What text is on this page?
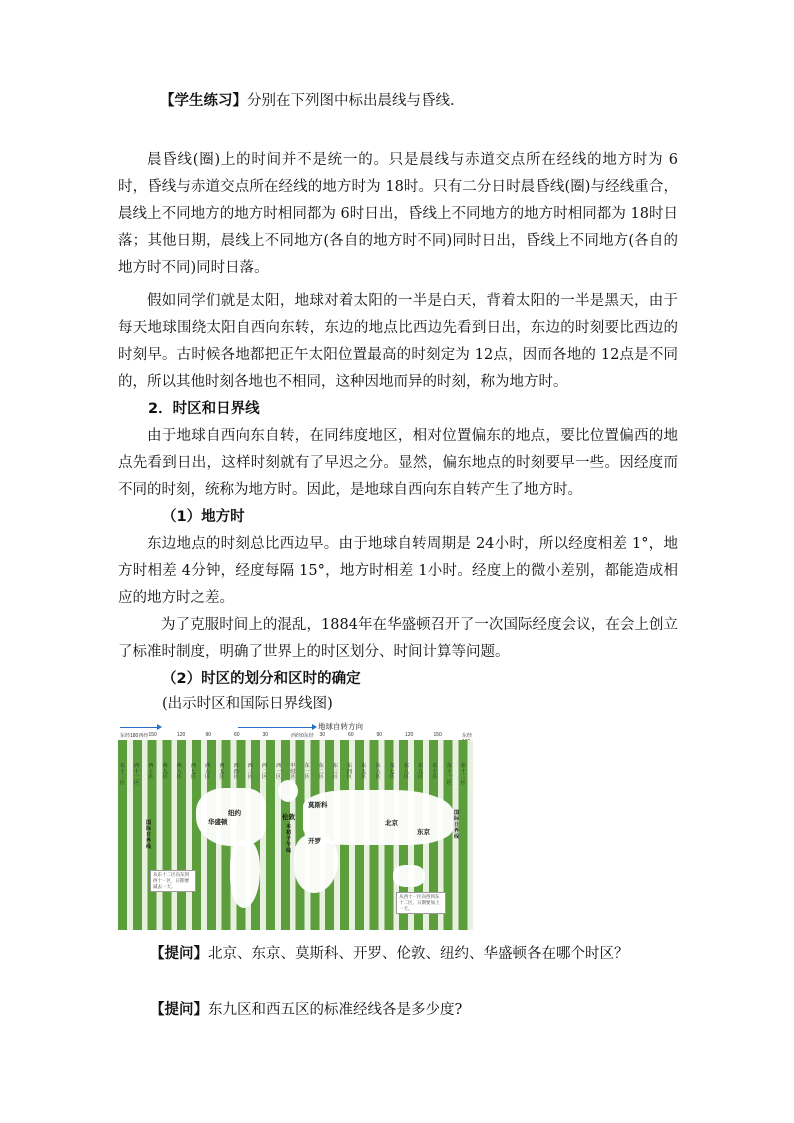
【学生练习】分别在下列图中标出晨线与昏线.

晨昏线(圈)上的时间并不是统一的。只是晨线与赤道交点所在经线的地方时为 6时，昏线与赤道交点所在经线的地方时为 18时。只有二分日时晨昏线(圈)与经线重合，晨线上不同地方的地方时相同都为 6时日出，昏线上不同地方的地方时相同都为 18时日落；其他日期，晨线上不同地方(各自的地方时不同)同时日出，昏线上不同地方(各自的地方时不同)同时日落。

假如同学们就是太阳，地球对着太阳的一半是白天，背着太阳的一半是黑天，由于每天地球围绕太阳自西向东转，东边的地点比西边先看到日出，东边的时刻要比西边的时刻早。古时候各地都把正午太阳位置最高的时刻定为 12点，因而各地的 12点是不同的，所以其他时刻各地也不相同，这种因地而异的时刻，称为地方时。

2．时区和日界线

由于地球自西向东自转，在同纬度地区，相对位置偏东的地点，要比位置偏西的地点先看到日出，这样时刻就有了早迟之分。显然，偏东地点的时刻要早一些。因经度而不同的时刻，统称为地方时。因此，是地球自西向东自转产生了地方时。

（1）地方时

东边地点的时刻总比西边早。由于地球自转周期是 24小时，所以经度相差 1°，地方时相差 4分钟，经度每隔 15°，地方时相差 1小时。经度上的微小差别，都能造成相应的地方时之差。

为了克服时间上的混乱，1884年在华盛顿召开了一次国际经度会议，在会上创立了标准时制度，明确了世界上的时区划分、时间计算等问题。

（2）时区的划分和区时的确定

(出示时区和国际日界线图)

地球自转方向
东经180西经 150	120	90	60	30	西经0东经 30	60	90	120	150	东经
东十二区
西十一区
西十区
西九区
西八区
西七区
西六区
西五区
西四区
西三区
西二区
西一区
中时区
东一区
东二区
东三区
东四区
东五区
东六区
东七区
东八区
东九区
东十区
东十一区
东十二区
莫斯科
华盛顿
纽约
伦敦
开罗
北京
东京
本初子午线
国际日界线
国际日界线
从东十二区向东到西十一区，日期要减去一天。
从西十一区向西到东十二区，日期要加上一天。

【提问】北京、东京、莫斯科、开罗、伦敦、纽约、华盛顿各在哪个时区？

【提问】东九区和西五区的标准经线各是多少度?
